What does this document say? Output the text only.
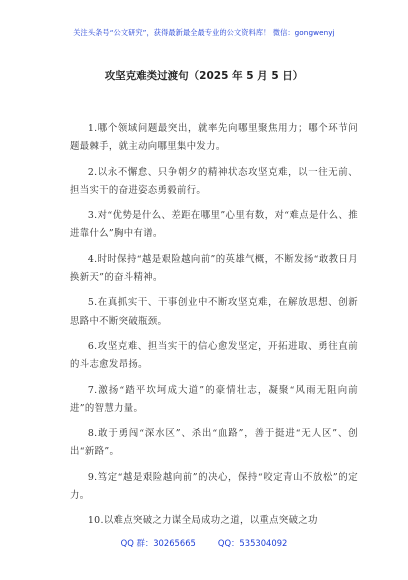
关注头条号“公文研究”，获得最新最全最专业的公文资料库！ 微信：gongwenyj
攻坚克难类过渡句（2025 年 5 月 5 日）

1.哪个领域问题最突出，就率先向哪里聚焦用力；哪个环节问题最棘手，就主动向哪里集中发力。

2.以永不懈怠、只争朝夕的精神状态攻坚克难，以一往无前、担当实干的奋进姿态勇毅前行。

3.对“优势是什么、差距在哪里”心里有数，对“难点是什么、推进靠什么”胸中有谱。

4.时时保持“越是艰险越向前”的英雄气概，不断发扬“敢教日月换新天”的奋斗精神。

5.在真抓实干、干事创业中不断攻坚克难，在解放思想、创新思路中不断突破瓶颈。

6.攻坚克难、担当实干的信心愈发坚定，开拓进取、勇往直前的斗志愈发昂扬。

7.激扬“踏平坎坷成大道”的豪情壮志，凝聚“风雨无阻向前进”的智慧力量。

8.敢于勇闯“深水区”、杀出“血路”，善于挺进“无人区”、创出“新路”。

9.笃定“越是艰险越向前”的决心，保持“咬定青山不放松”的定力。

10.以难点突破之力谋全局成功之道，以重点突破之功

QQ 群：30265665	QQ：535304092
